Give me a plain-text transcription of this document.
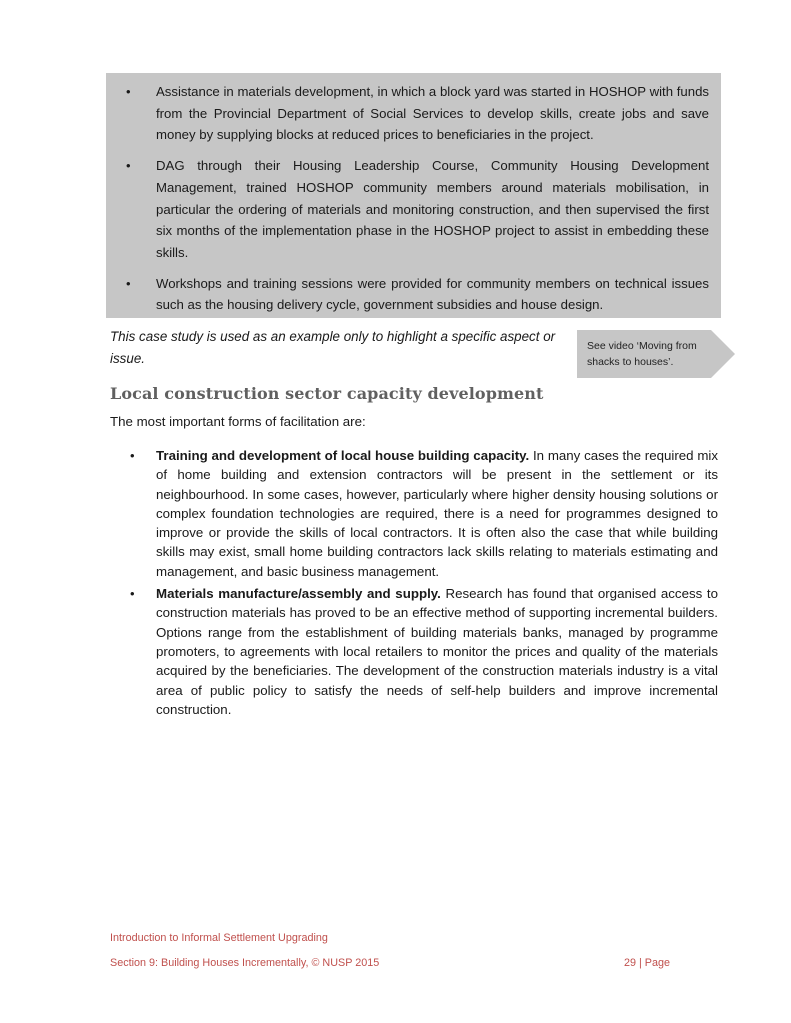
• Assistance in materials development, in which a block yard was started in HOSHOP with funds from the Provincial Department of Social Services to develop skills, create jobs and save money by supplying blocks at reduced prices to beneficiaries in the project.
• DAG through their Housing Leadership Course, Community Housing Development Management, trained HOSHOP community members around materials mobilisation, in particular the ordering of materials and monitoring construction, and then supervised the first six months of the implementation phase in the HOSHOP project to assist in embedding these skills.
• Workshops and training sessions were provided for community members on technical issues such as the housing delivery cycle, government subsidies and house design.
This case study is used as an example only to highlight a specific aspect or issue.
See video ‘Moving from shacks to houses’.
Local construction sector capacity development
The most important forms of facilitation are:
• Training and development of local house building capacity. In many cases the required mix of home building and extension contractors will be present in the settlement or its neighbourhood. In some cases, however, particularly where higher density housing solutions or complex foundation technologies are required, there is a need for programmes designed to improve or provide the skills of local contractors. It is often also the case that while building skills may exist, small home building contractors lack skills relating to materials estimating and management, and basic business management.
• Materials manufacture/assembly and supply. Research has found that organised access to construction materials has proved to be an effective method of supporting incremental builders. Options range from the establishment of building materials banks, managed by programme promoters, to agreements with local retailers to monitor the prices and quality of the materials acquired by the beneficiaries. The development of the construction materials industry is a vital area of public policy to satisfy the needs of self-help builders and improve incremental construction.
Introduction to Informal Settlement Upgrading
Section 9: Building Houses Incrementally, © NUSP 2015	29 | Page
